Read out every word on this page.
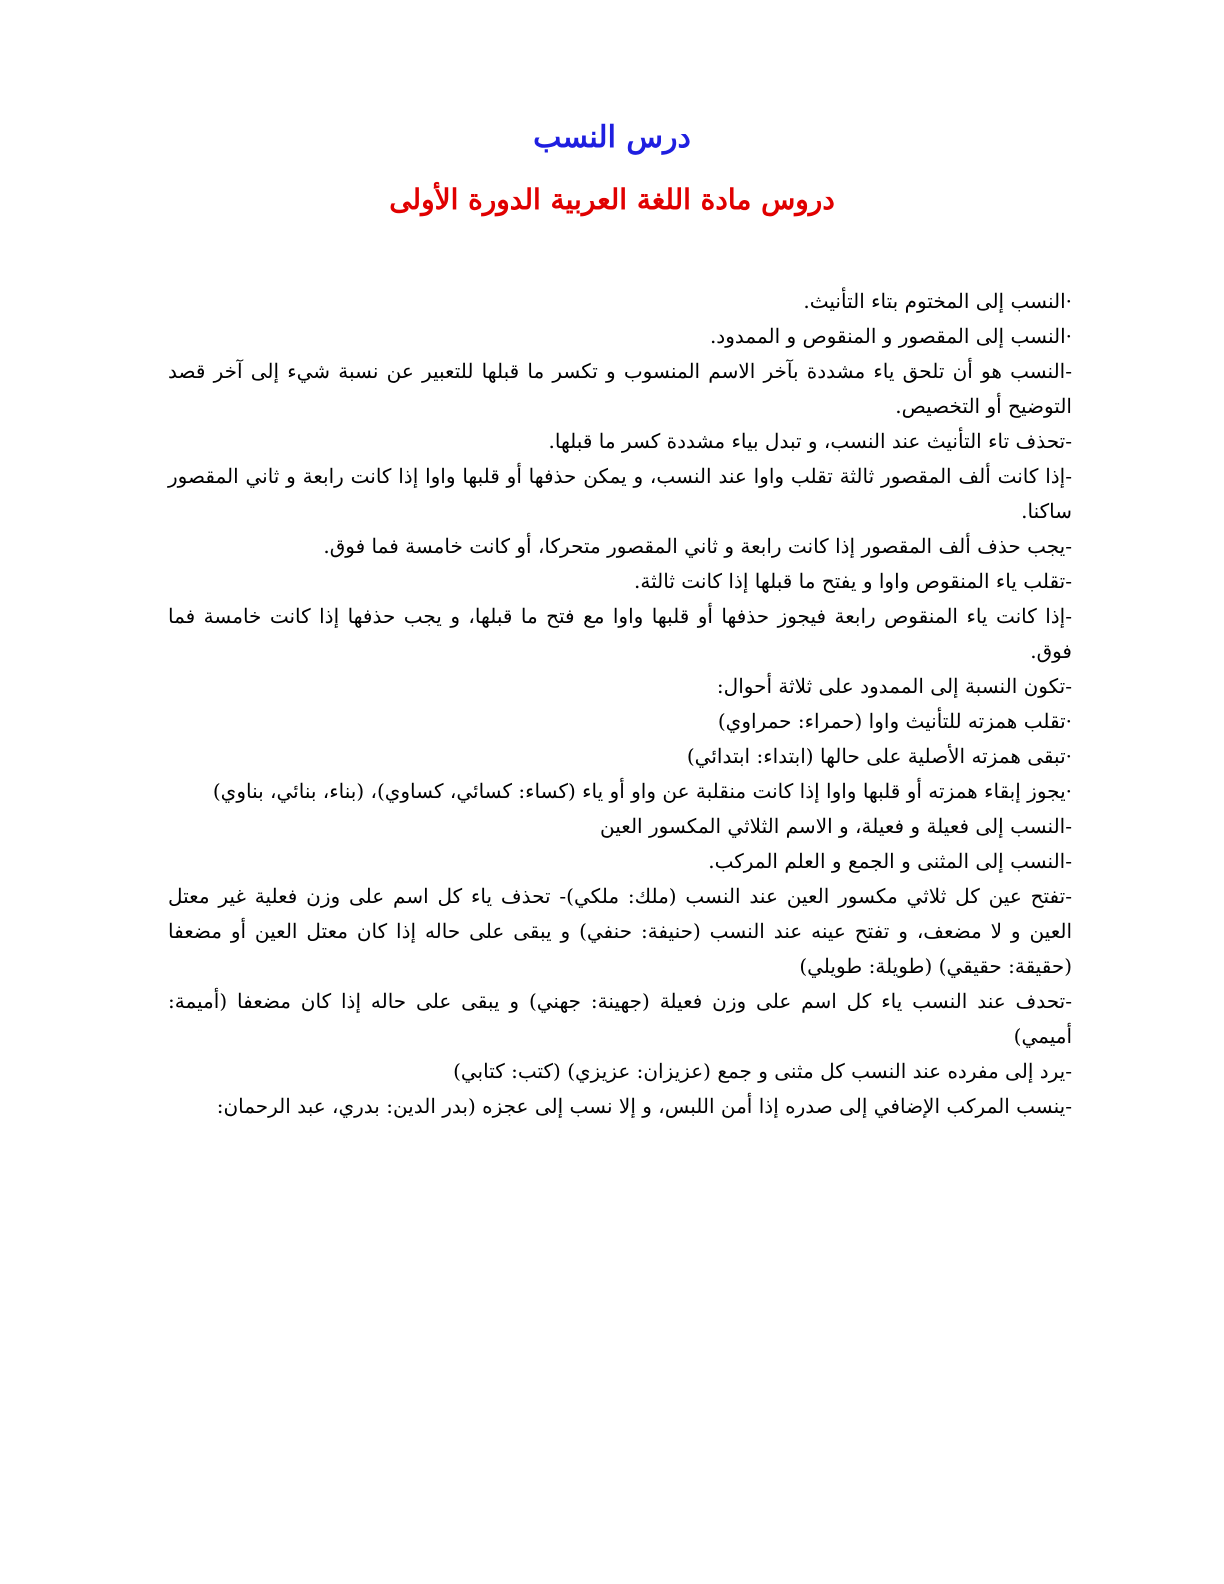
درس النسب
دروس مادة اللغة العربية الدورة الأولى

·النسب إلى المختوم بتاء التأنيث.

·النسب إلى المقصور و المنقوص و الممدود.

-النسب هو أن تلحق ياء مشددة بآخر الاسم المنسوب و تكسر ما قبلها للتعبير عن نسبة شيء إلى آخر قصد التوضيح أو التخصيص.

-تحذف تاء التأنيث عند النسب، و تبدل بياء مشددة كسر ما قبلها.

-إذا كانت ألف المقصور ثالثة تقلب واوا عند النسب، و يمكن حذفها أو قلبها واوا إذا كانت رابعة و ثاني المقصور ساكنا.

-يجب حذف ألف المقصور إذا كانت رابعة و ثاني المقصور متحركا، أو كانت خامسة فما فوق.

-تقلب ياء المنقوص واوا و يفتح ما قبلها إذا كانت ثالثة.

-إذا كانت ياء المنقوص رابعة فيجوز حذفها أو قلبها واوا مع فتح ما قبلها، و يجب حذفها إذا كانت خامسة فما فوق.

-تكون النسبة إلى الممدود على ثلاثة أحوال:

·تقلب همزته للتأنيث واوا (حمراء: حمراوي)

·تبقى همزته الأصلية على حالها (ابتداء: ابتدائي)

·يجوز إبقاء همزته أو قلبها واوا إذا كانت منقلبة عن واو أو ياء (كساء: كسائي، كساوي)، (بناء، بنائي، بناوي)

-النسب إلى فعيلة و فعيلة، و الاسم الثلاثي المكسور العين

-النسب إلى المثنى و الجمع و العلم المركب.

-تفتح عين كل ثلاثي مكسور العين عند النسب (ملك: ملكي)- تحذف ياء كل اسم على وزن فعلية غير معتل العين و لا مضعف، و تفتح عينه عند النسب (حنيفة: حنفي) و يبقى على حاله إذا كان معتل العين أو مضعفا (حقيقة: حقيقي) (طويلة: طويلي)

-تحدف عند النسب ياء كل اسم على وزن فعيلة (جهينة: جهني) و يبقى على حاله إذا كان مضعفا (أميمة: أميمي)

-يرد إلى مفرده عند النسب كل مثنى و جمع (عزيزان: عزيزي) (كتب: كتابي)

-ينسب المركب الإضافي إلى صدره إذا أمن اللبس، و إلا نسب إلى عجزه (بدر الدين: بدري، عبد الرحمان:
